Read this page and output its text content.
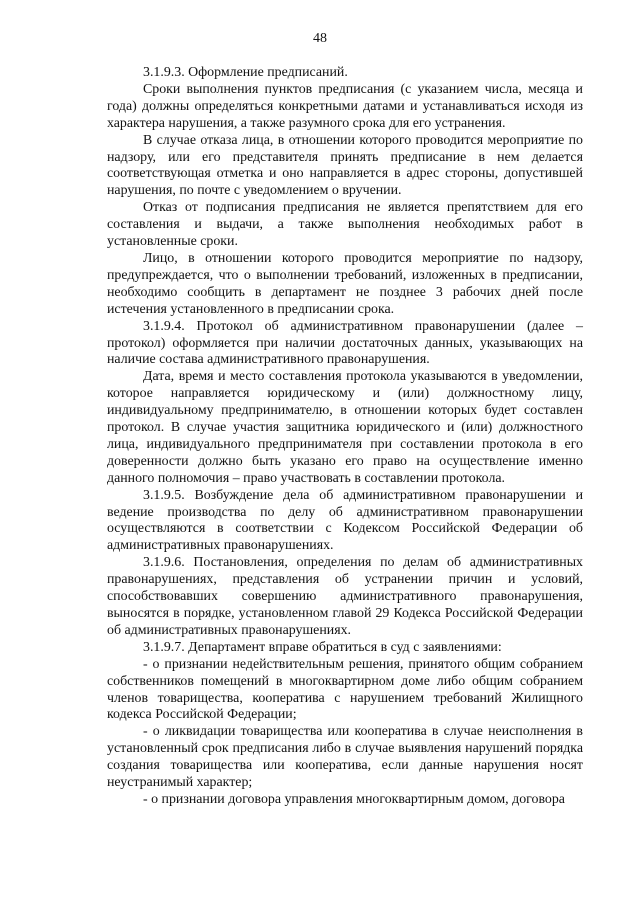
48

3.1.9.3. Оформление предписаний.

Сроки выполнения пунктов предписания (с указанием числа, месяца и года) должны определяться конкретными датами и устанавливаться исходя из характера нарушения, а также разумного срока для его устранения.

В случае отказа лица, в отношении которого проводится мероприятие по надзору, или его представителя принять предписание в нем делается соответствующая отметка и оно направляется в адрес стороны, допустившей нарушения, по почте с уведомлением о вручении.

Отказ от подписания предписания не является препятствием для его составления и выдачи, а также выполнения необходимых работ в установленные сроки.

Лицо, в отношении которого проводится мероприятие по надзору, предупреждается, что о выполнении требований, изложенных в предписании, необходимо сообщить в департамент не позднее 3 рабочих дней после истечения установленного в предписании срока.

3.1.9.4. Протокол об административном правонарушении (далее – протокол) оформляется при наличии достаточных данных, указывающих на наличие состава административного правонарушения.

Дата, время и место составления протокола указываются в уведомлении, которое направляется юридическому и (или) должностному лицу, индивидуальному предпринимателю, в отношении которых будет составлен протокол. В случае участия защитника юридического и (или) должностного лица, индивидуального предпринимателя при составлении протокола в его доверенности должно быть указано его право на осуществление именно данного полномочия – право участвовать в составлении протокола.

3.1.9.5. Возбуждение дела об административном правонарушении и ведение производства по делу об административном правонарушении осуществляются в соответствии с Кодексом Российской Федерации об административных правонарушениях.

3.1.9.6. Постановления, определения по делам об административных правонарушениях, представления об устранении причин и условий, способствовавших совершению административного правонарушения, выносятся в порядке, установленном главой 29 Кодекса Российской Федерации об административных правонарушениях.

3.1.9.7. Департамент вправе обратиться в суд с заявлениями:

- о признании недействительным решения, принятого общим собранием собственников помещений в многоквартирном доме либо общим собранием членов товарищества, кооператива с нарушением требований Жилищного кодекса Российской Федерации;

- о ликвидации товарищества или кооператива в случае неисполнения в установленный срок предписания либо в случае выявления нарушений порядка создания товарищества или кооператива, если данные нарушения носят неустранимый характер;

- о признании договора управления многоквартирным домом, договора
